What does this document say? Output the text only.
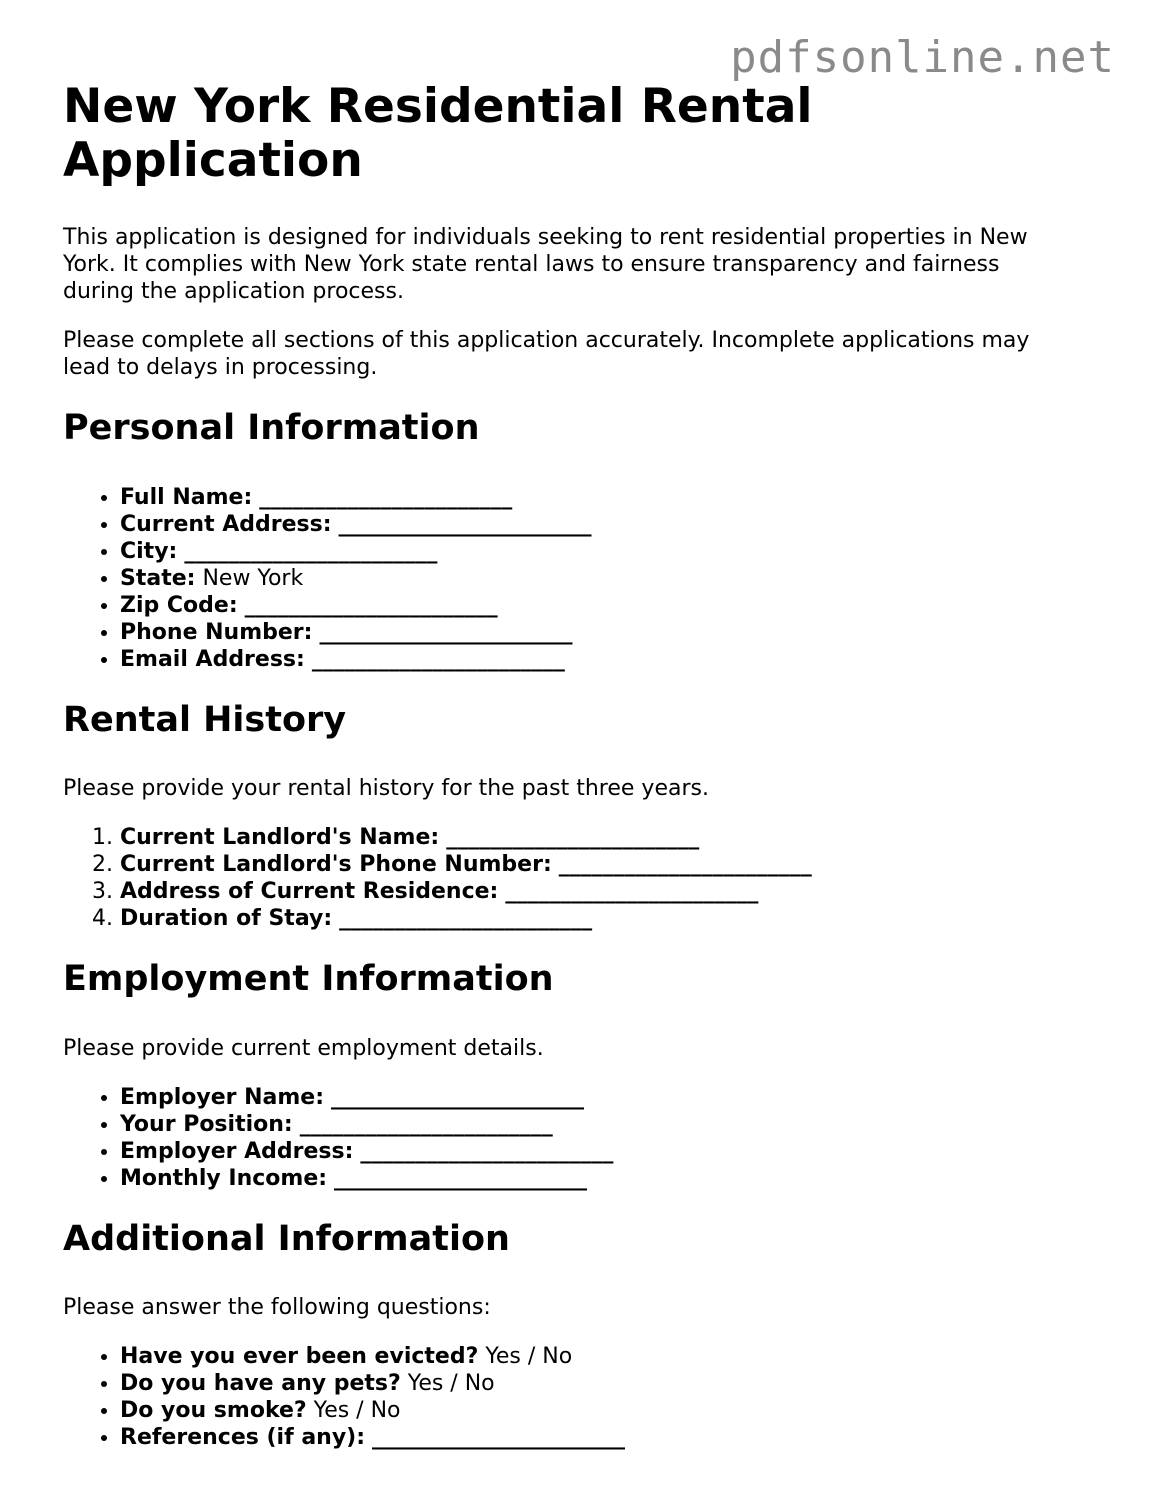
pdfsonline.net
New York Residential Rental Application

This application is designed for individuals seeking to rent residential properties in New York. It complies with New York state rental laws to ensure transparency and fairness during the application process.

Please complete all sections of this application accurately. Incomplete applications may lead to delays in processing.

Personal Information
• Full Name: _______________________
• Current Address: _______________________
• City: _______________________
• State: New York
• Zip Code: _______________________
• Phone Number: _______________________
• Email Address: _______________________
Rental History

Please provide your rental history for the past three years.

1. Current Landlord's Name: _______________________
2. Current Landlord's Phone Number: _______________________
3. Address of Current Residence: _______________________
4. Duration of Stay: _______________________
Employment Information

Please provide current employment details.

• Employer Name: _______________________
• Your Position: _______________________
• Employer Address: _______________________
• Monthly Income: _______________________
Additional Information

Please answer the following questions:

• Have you ever been evicted? Yes / No
• Do you have any pets? Yes / No
• Do you smoke? Yes / No
• References (if any): _______________________
